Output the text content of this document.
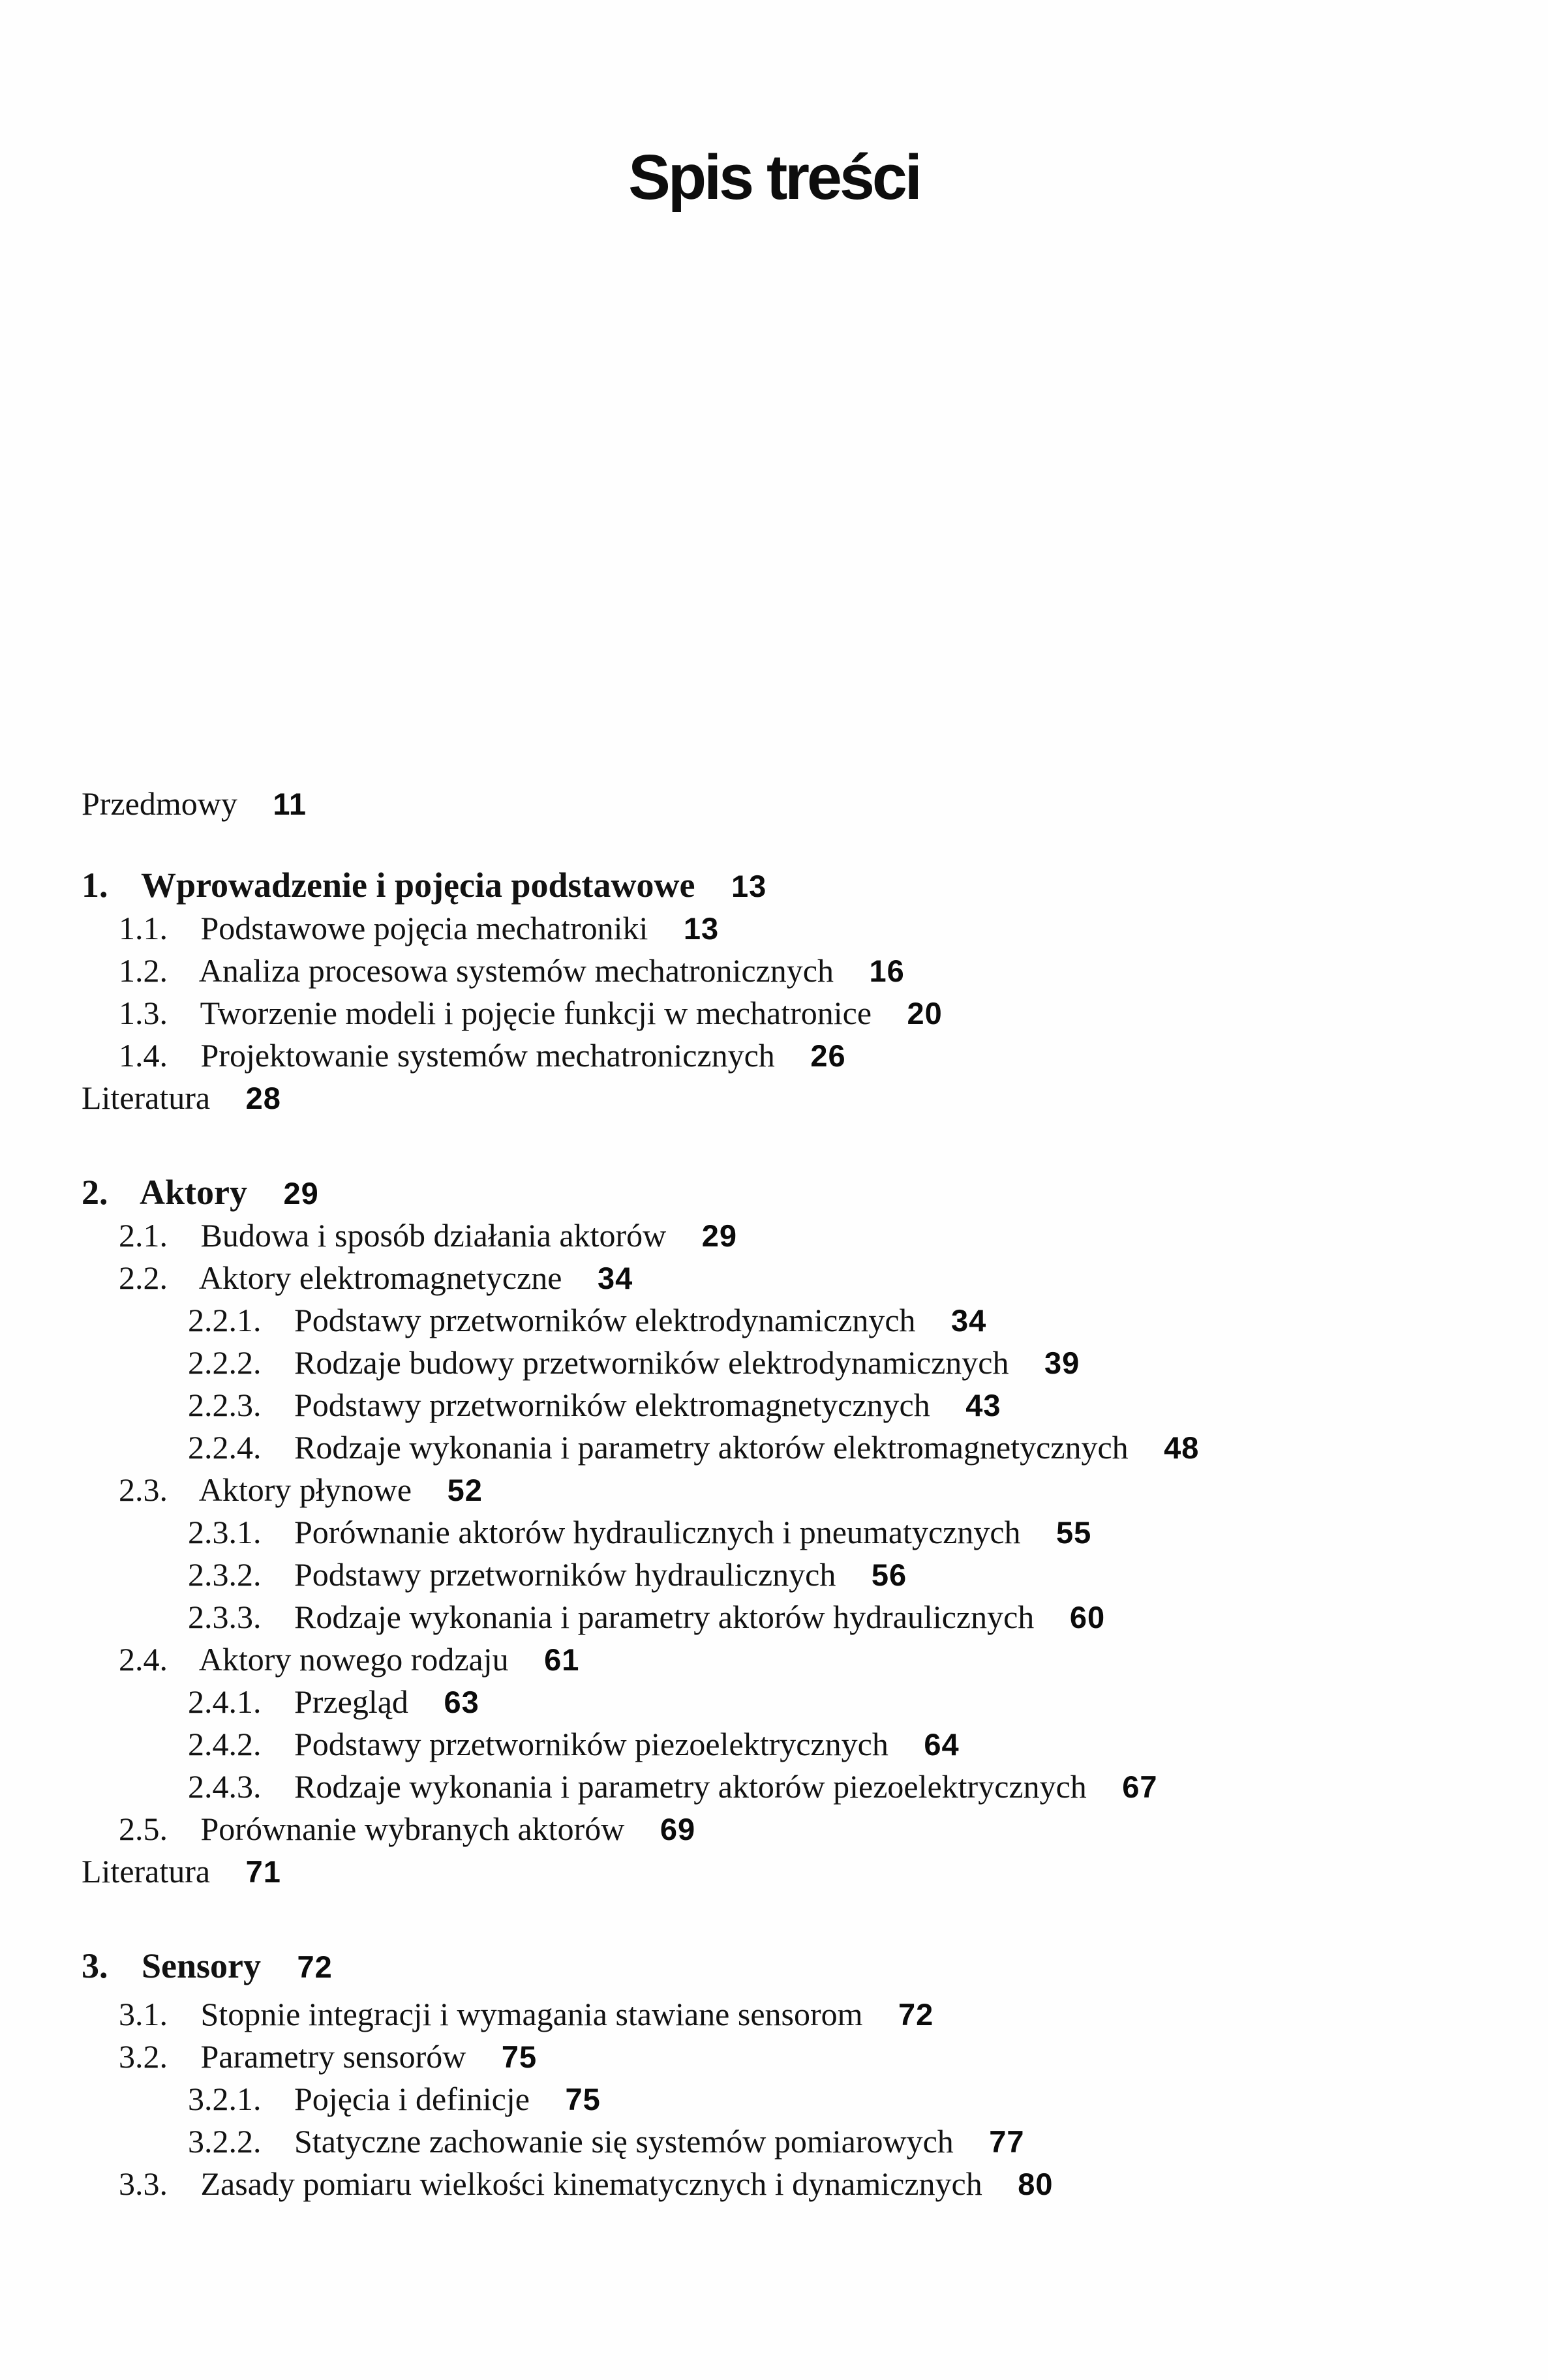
Spis treści
Przedmowy 11
1. Wprowadzenie i pojęcia podstawowe 13
1.1. Podstawowe pojęcia mechatroniki 13
1.2. Analiza procesowa systemów mechatronicznych 16
1.3. Tworzenie modeli i pojęcie funkcji w mechatronice 20
1.4. Projektowanie systemów mechatronicznych 26
Literatura 28
2. Aktory 29
2.1. Budowa i sposób działania aktorów 29
2.2. Aktory elektromagnetyczne 34
2.2.1. Podstawy przetworników elektrodynamicznych 34
2.2.2. Rodzaje budowy przetworników elektrodynamicznych 39
2.2.3. Podstawy przetworników elektromagnetycznych 43
2.2.4. Rodzaje wykonania i parametry aktorów elektromagnetycznych 48
2.3. Aktory płynowe 52
2.3.1. Porównanie aktorów hydraulicznych i pneumatycznych 55
2.3.2. Podstawy przetworników hydraulicznych 56
2.3.3. Rodzaje wykonania i parametry aktorów hydraulicznych 60
2.4. Aktory nowego rodzaju 61
2.4.1. Przegląd 63
2.4.2. Podstawy przetworników piezoelektrycznych 64
2.4.3. Rodzaje wykonania i parametry aktorów piezoelektrycznych 67
2.5. Porównanie wybranych aktorów 69
Literatura 71
3. Sensory 72
3.1. Stopnie integracji i wymagania stawiane sensorom 72
3.2. Parametry sensorów 75
3.2.1. Pojęcia i definicje 75
3.2.2. Statyczne zachowanie się systemów pomiarowych 77
3.3. Zasady pomiaru wielkości kinematycznych i dynamicznych 80
